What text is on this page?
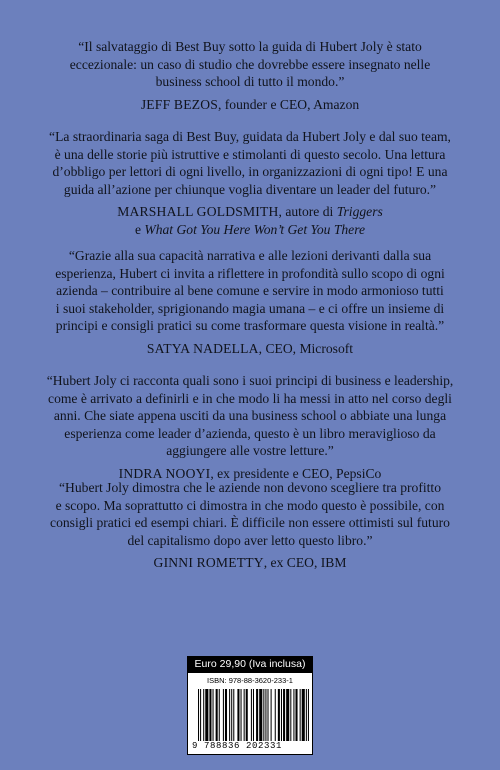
“Il salvataggio di Best Buy sotto la guida di Hubert Joly è stato

eccezionale: un caso di studio che dovrebbe essere insegnato nelle

business school di tutto il mondo.”

JEFF BEZOS, founder e CEO, Amazon

“La straordinaria saga di Best Buy, guidata da Hubert Joly e dal suo team,

è una delle storie più istruttive e stimolanti di questo secolo. Una lettura

d’obbligo per lettori di ogni livello, in organizzazioni di ogni tipo! E una

guida all’azione per chiunque voglia diventare un leader del futuro.”

MARSHALL GOLDSMITH, autore di Triggers
e What Got You Here Won’t Get You There

“Grazie alla sua capacità narrativa e alle lezioni derivanti dalla sua

esperienza, Hubert ci invita a riflettere in profondità sullo scopo di ogni

azienda – contribuire al bene comune e servire in modo armonioso tutti

i suoi stakeholder, sprigionando magia umana – e ci offre un insieme di

principi e consigli pratici su come trasformare questa visione in realtà.”

SATYA NADELLA, CEO, Microsoft

“Hubert Joly ci racconta quali sono i suoi principi di business e leadership,

come è arrivato a definirli e in che modo li ha messi in atto nel corso degli

anni. Che siate appena usciti da una business school o abbiate una lunga

esperienza come leader d’azienda, questo è un libro meraviglioso da

aggiungere alle vostre letture.”

INDRA NOOYI, ex presidente e CEO, PepsiCo

“Hubert Joly dimostra che le aziende non devono scegliere tra profitto

e scopo. Ma soprattutto ci dimostra in che modo questo è possibile, con

consigli pratici ed esempi chiari. È difficile non essere ottimisti sul futuro

del capitalismo dopo aver letto questo libro.”

GINNI ROMETTY, ex CEO, IBM
Euro 29,90 (Iva inclusa)
ISBN: 978-88-3620-233-1
9 788836 202331
